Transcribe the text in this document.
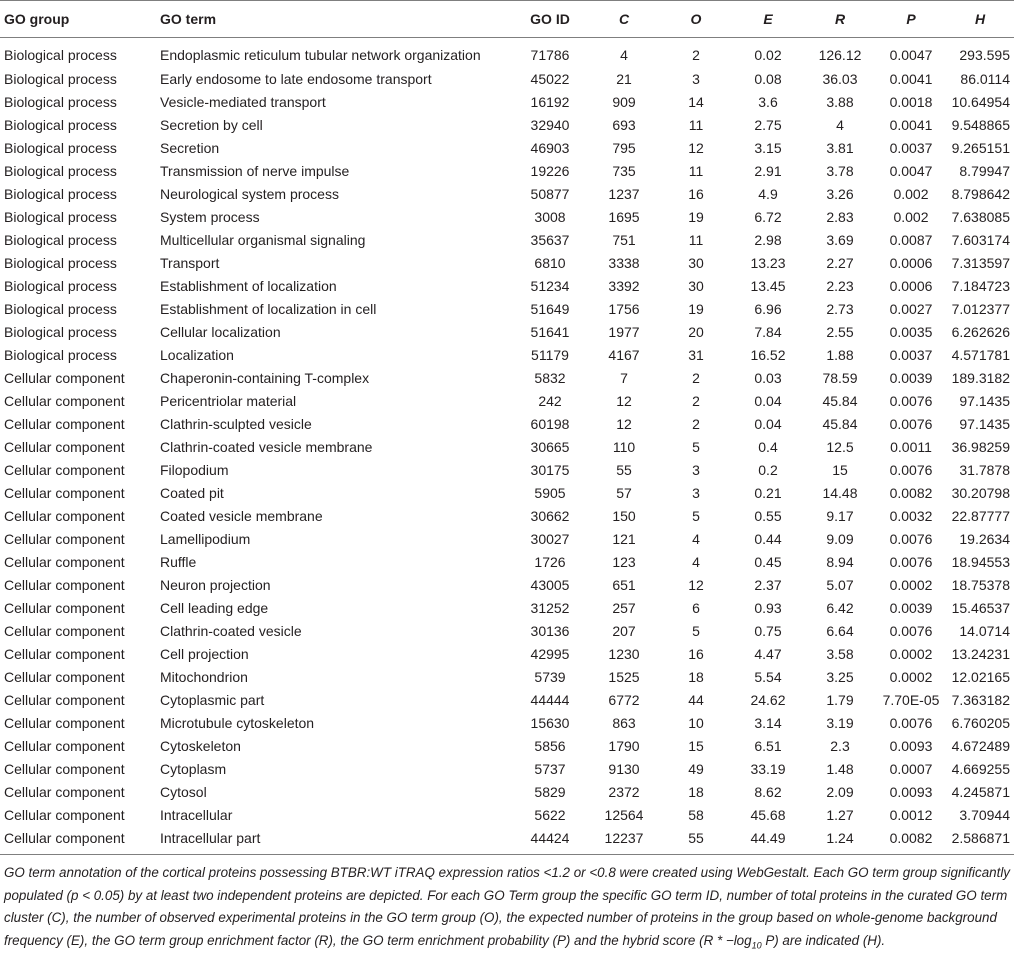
GO group	GO term	GO ID	C	O	E	R	P	H
Biological process	Endoplasmic reticulum tubular network organization	71786	4	2	0.02	126.12	0.0047	293.595
Biological process	Early endosome to late endosome transport	45022	21	3	0.08	36.03	0.0041	86.0114
Biological process	Vesicle-mediated transport	16192	909	14	3.6	3.88	0.0018	10.64954
Biological process	Secretion by cell	32940	693	11	2.75	4	0.0041	9.548865
Biological process	Secretion	46903	795	12	3.15	3.81	0.0037	9.265151
Biological process	Transmission of nerve impulse	19226	735	11	2.91	3.78	0.0047	8.79947
Biological process	Neurological system process	50877	1237	16	4.9	3.26	0.002	8.798642
Biological process	System process	3008	1695	19	6.72	2.83	0.002	7.638085
Biological process	Multicellular organismal signaling	35637	751	11	2.98	3.69	0.0087	7.603174
Biological process	Transport	6810	3338	30	13.23	2.27	0.0006	7.313597
Biological process	Establishment of localization	51234	3392	30	13.45	2.23	0.0006	7.184723
Biological process	Establishment of localization in cell	51649	1756	19	6.96	2.73	0.0027	7.012377
Biological process	Cellular localization	51641	1977	20	7.84	2.55	0.0035	6.262626
Biological process	Localization	51179	4167	31	16.52	1.88	0.0037	4.571781
Cellular component	Chaperonin-containing T-complex	5832	7	2	0.03	78.59	0.0039	189.3182
Cellular component	Pericentriolar material	242	12	2	0.04	45.84	0.0076	97.1435
Cellular component	Clathrin-sculpted vesicle	60198	12	2	0.04	45.84	0.0076	97.1435
Cellular component	Clathrin-coated vesicle membrane	30665	110	5	0.4	12.5	0.0011	36.98259
Cellular component	Filopodium	30175	55	3	0.2	15	0.0076	31.7878
Cellular component	Coated pit	5905	57	3	0.21	14.48	0.0082	30.20798
Cellular component	Coated vesicle membrane	30662	150	5	0.55	9.17	0.0032	22.87777
Cellular component	Lamellipodium	30027	121	4	0.44	9.09	0.0076	19.2634
Cellular component	Ruffle	1726	123	4	0.45	8.94	0.0076	18.94553
Cellular component	Neuron projection	43005	651	12	2.37	5.07	0.0002	18.75378
Cellular component	Cell leading edge	31252	257	6	0.93	6.42	0.0039	15.46537
Cellular component	Clathrin-coated vesicle	30136	207	5	0.75	6.64	0.0076	14.0714
Cellular component	Cell projection	42995	1230	16	4.47	3.58	0.0002	13.24231
Cellular component	Mitochondrion	5739	1525	18	5.54	3.25	0.0002	12.02165
Cellular component	Cytoplasmic part	44444	6772	44	24.62	1.79	7.70E-05	7.363182
Cellular component	Microtubule cytoskeleton	15630	863	10	3.14	3.19	0.0076	6.760205
Cellular component	Cytoskeleton	5856	1790	15	6.51	2.3	0.0093	4.672489
Cellular component	Cytoplasm	5737	9130	49	33.19	1.48	0.0007	4.669255
Cellular component	Cytosol	5829	2372	18	8.62	2.09	0.0093	4.245871
Cellular component	Intracellular	5622	12564	58	45.68	1.27	0.0012	3.70944
Cellular component	Intracellular part	44424	12237	55	44.49	1.24	0.0082	2.586871
GO term annotation of the cortical proteins possessing BTBR:WT iTRAQ expression ratios <1.2 or <0.8 were created using WebGestalt. Each GO term group significantly populated (p < 0.05) by at least two independent proteins are depicted. For each GO Term group the specific GO term ID, number of total proteins in the curated GO term cluster (C), the number of observed experimental proteins in the GO term group (O), the expected number of proteins in the group based on whole-genome background frequency (E), the GO term group enrichment factor (R), the GO term enrichment probability (P) and the hybrid score ($R * -\log_{10}$ P) are indicated (H).
